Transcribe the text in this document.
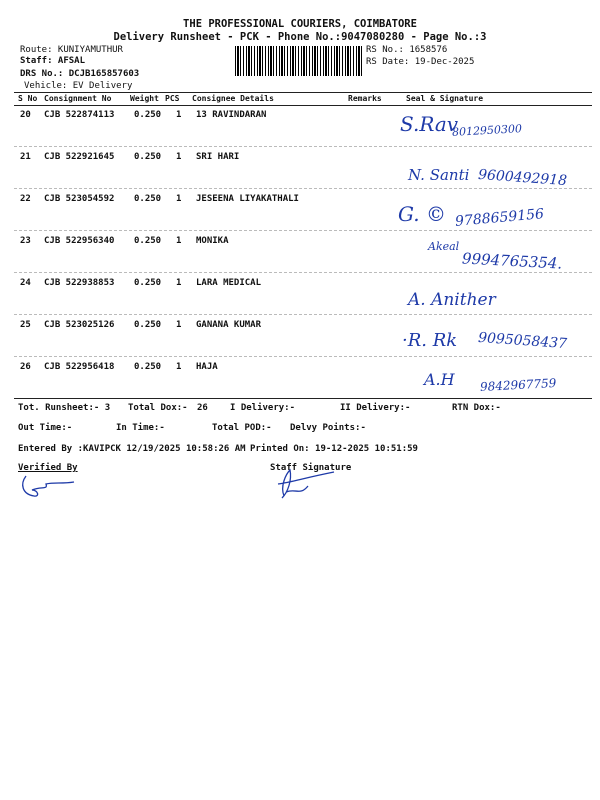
THE PROFESSIONAL COURIERS, COIMBATORE
Delivery Runsheet - PCK - Phone No.:9047080280 - Page No.:3
Route: KUNIYAMUTHUR
Staff: AFSAL
DRS No.: DCJB165857603
Vehicle: EV Delivery
RS No.: 1658576
RS Date: 19-Dec-2025
S No Consignment No Weight PCS Consignee Details	Remarks	Seal & Signature
20 CJB 522874113 0.250 1 13 RAVINDARAN	S.Rav
8012950300
21 CJB 522921645 0.250 1 SRI HARI
N. Santi 9600492918
22 CJB 523054592 0.250 1 JESEENA LIYAKATHALI
G. © 9788659156
23 CJB 522956340 0.250 1 MONIKA	Akeal
9994765354.
24 CJB 522938853 0.250 1 LARA MEDICAL
A. Anither
25 CJB 523025126 0.250 1 GANANA KUMAR
·R. Rk 9095058437
26 CJB 522956418 0.250 1 HAJA
A.H 9842967759
Tot. Runsheet:- 3 Total Dox:- 26 I Delivery:-	II Delivery:-	RTN Dox:-
Out Time:-	In Time:-	Total POD:- Delvy Points:-
Entered By :KAVIPCK 12/19/2025 10:58:26 AM Printed On: 19-12-2025 10:51:59
Verified By	Staff Signature
